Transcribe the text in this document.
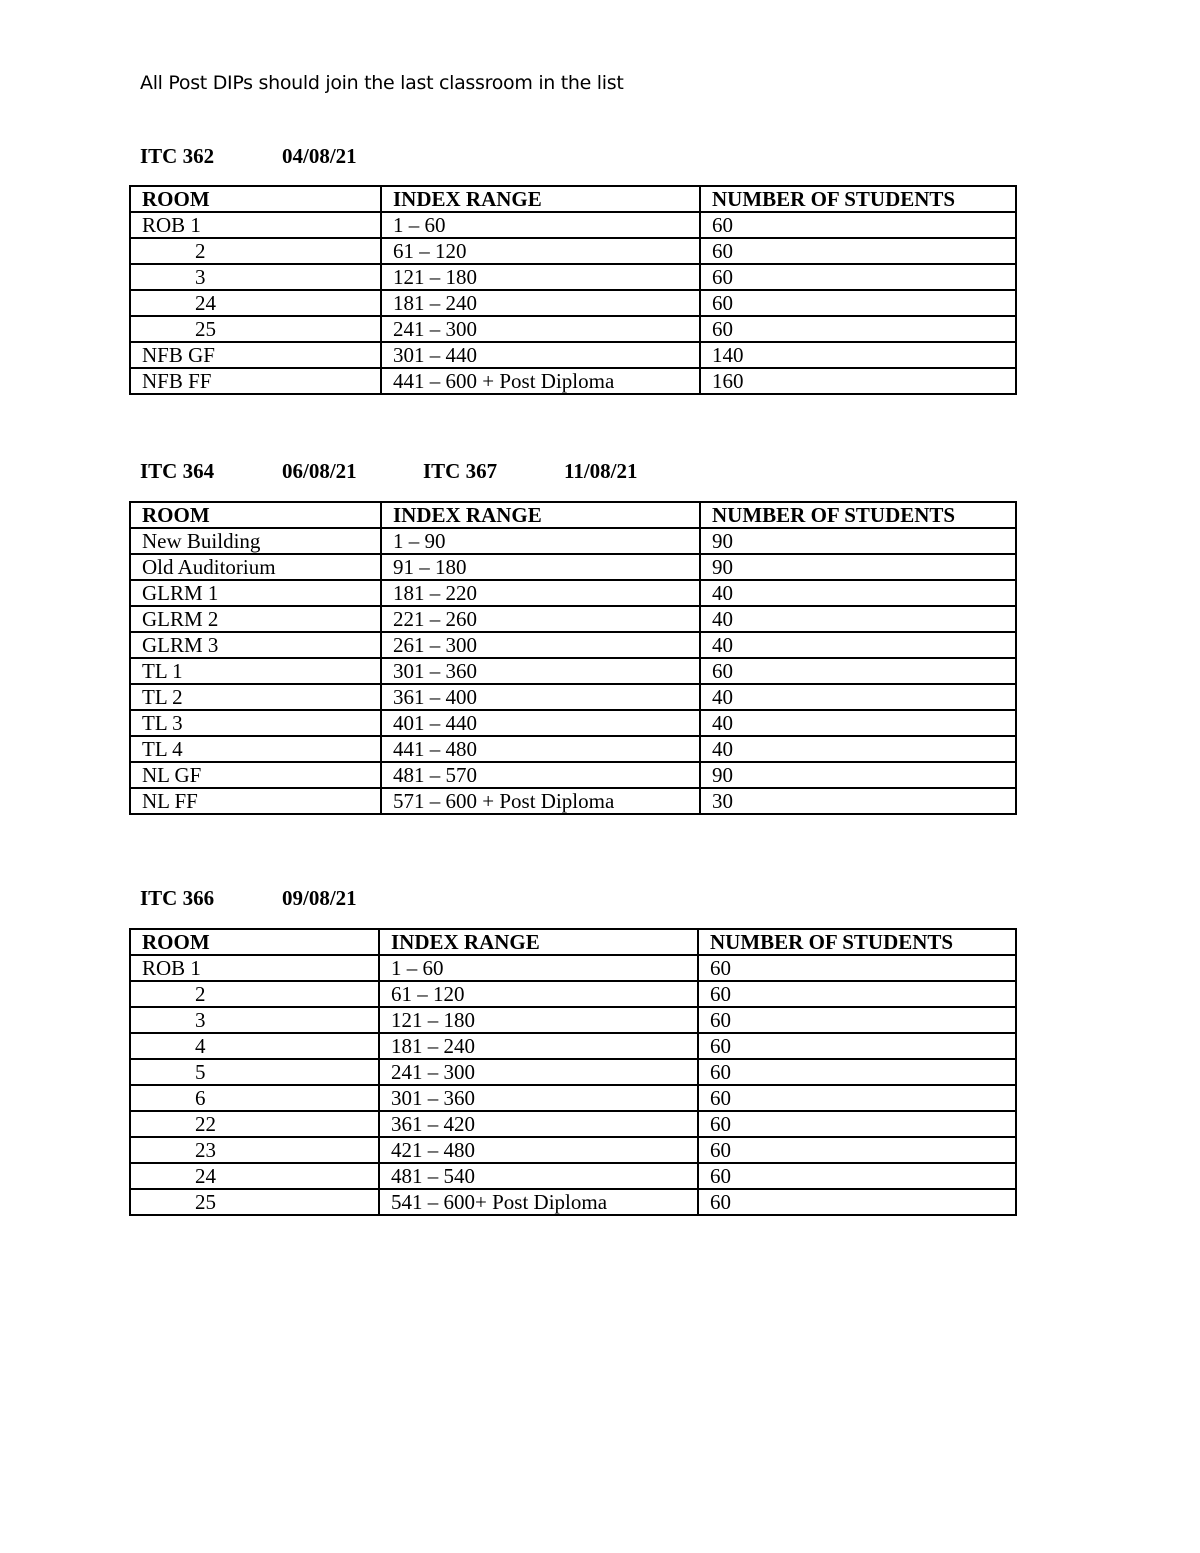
All Post DIPs should join the last classroom in the list
ITC 362	04/08/21
ROOM	INDEX RANGE	NUMBER OF STUDENTS
ROB 1	1 – 60	60
2	61 – 120	60
3	121 – 180	60
24	181 – 240	60
25	241 – 300	60
NFB GF	301 – 440	140
NFB FF	441 – 600 + Post Diploma	160
ITC 364	06/08/21	ITC 367	11/08/21
ROOM	INDEX RANGE	NUMBER OF STUDENTS
New Building	1 – 90	90
Old Auditorium	91 – 180	90
GLRM 1	181 – 220	40
GLRM 2	221 – 260	40
GLRM 3	261 – 300	40
TL 1	301 – 360	60
TL 2	361 – 400	40
TL 3	401 – 440	40
TL 4	441 – 480	40
NL GF	481 – 570	90
NL FF	571 – 600 + Post Diploma	30
ITC 366	09/08/21
ROOM	INDEX RANGE	NUMBER OF STUDENTS
ROB 1	1 – 60	60
2	61 – 120	60
3	121 – 180	60
4	181 – 240	60
5	241 – 300	60
6	301 – 360	60
22	361 – 420	60
23	421 – 480	60
24	481 – 540	60
25	541 – 600+ Post Diploma	60
